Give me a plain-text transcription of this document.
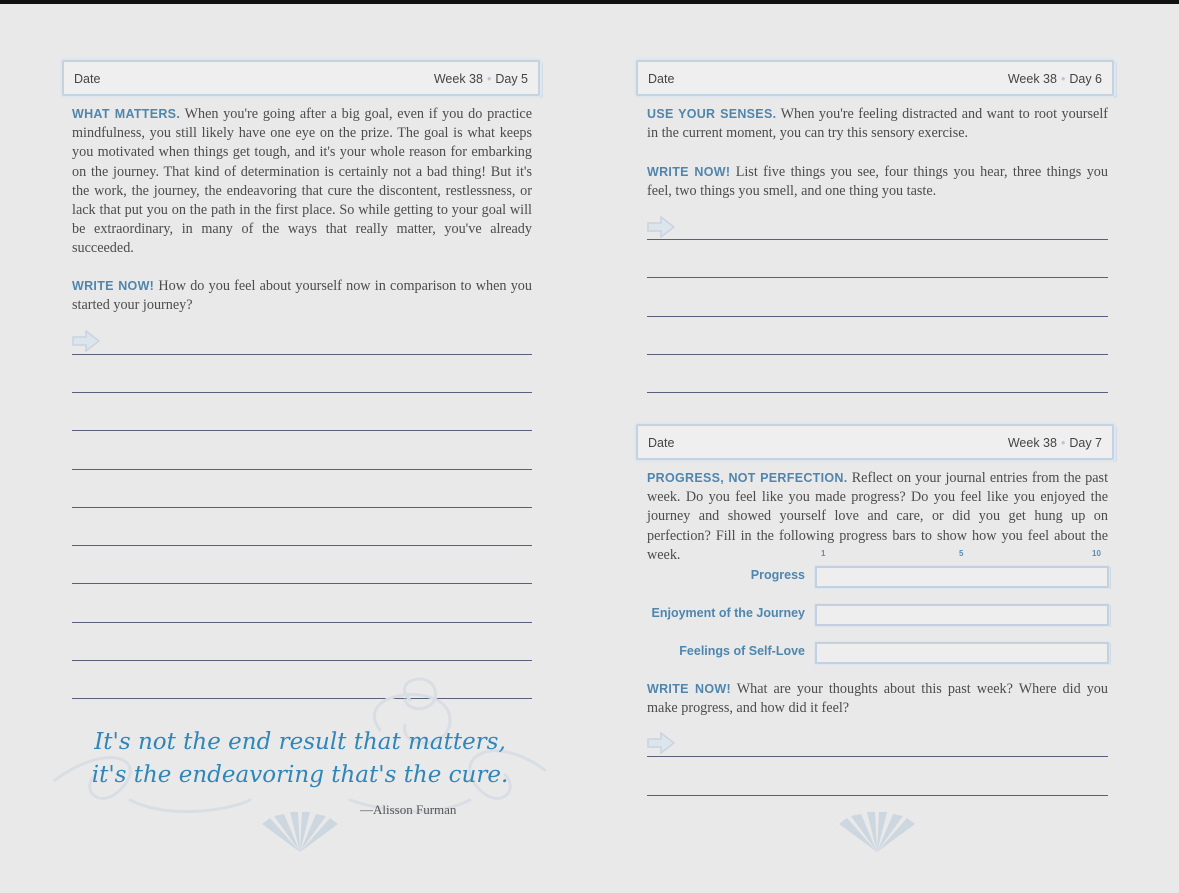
Date	Week 38 • Day 5

WHAT MATTERS. When you're going after a big goal, even if you do practice mindfulness, you still likely have one eye on the prize. The goal is what keeps you motivated when things get tough, and it's your whole reason for embarking on the journey. That kind of determination is certainly not a bad thing! But it's the work, the journey, the endeavoring that cure the discontent, restlessness, or lack that put you on the path in the first place. So while getting to your goal will be extraordinary, in many of the ways that really matter, you've already succeeded.

WRITE NOW! How do you feel about yourself now in comparison to when you started your journey?

It's not the end result that matters,
it's the endeavoring that's the cure.
—Alisson Furman
Date	Week 38 • Day 6

USE YOUR SENSES. When you're feeling distracted and want to root yourself in the current moment, you can try this sensory exercise.

WRITE NOW! List five things you see, four things you hear, three things you feel, two things you smell, and one thing you taste.

Date	Week 38 • Day 7

PROGRESS, NOT PERFECTION. Reflect on your journal entries from the past week. Do you feel like you made progress? Do you feel like you enjoyed the journey and showed yourself love and care, or did you get hung up on perfection? Fill in the following progress bars to show how you feel about the week.	1	5	10
Progress
Enjoyment of the Journey
Feelings of Self-Love

WRITE NOW! What are your thoughts about this past week? Where did you make progress, and how did it feel?
